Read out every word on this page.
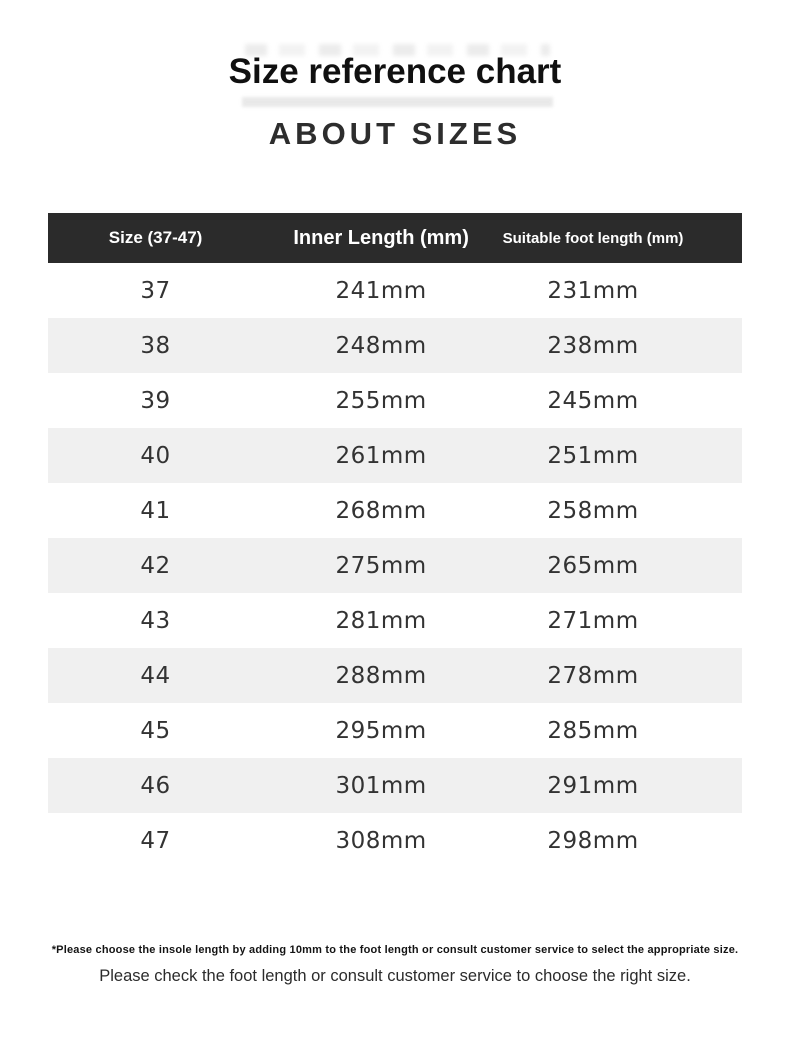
Size reference chart
ABOUT SIZES
Size (37-47)	Inner Length (mm)	Suitable foot length (mm)
37	241mm	231mm
38	248mm	238mm
39	255mm	245mm
40	261mm	251mm
41	268mm	258mm
42	275mm	265mm
43	281mm	271mm
44	288mm	278mm
45	295mm	285mm
46	301mm	291mm
47	308mm	298mm

*Please choose the insole length by adding 10mm to the foot length or consult customer service to select the appropriate size.

Please check the foot length or consult customer service to choose the right size.
